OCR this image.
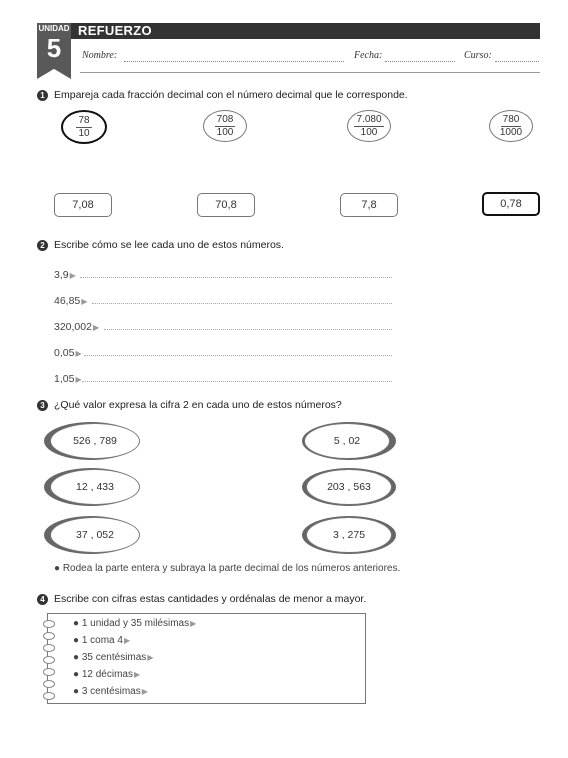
UNIDAD
5
REFUERZO
Nombre:	Fecha:	Curso:
1 Empareja cada fracción decimal con el número decimal que le corresponde.
$\frac{78}{10}$	$\frac{708}{100}$	$\frac{7.080}{100}$	$\frac{780}{1000}$
7,08	70,8	7,8	0,78
2 Escribe cómo se lee cada uno de estos números.
3,9▶
46,85▶
320,002▶
0,05▶
1,05▶
3 ¿Qué valor expresa la cifra 2 en cada uno de estos números?
526 , 789	5 , 02
12 , 433	203 , 563
37 , 052	3 , 275
● Rodea la parte entera y subraya la parte decimal de los números anteriores.
4 Escribe con cifras estas cantidades y ordénalas de menor a mayor.
● 1 unidad y 35 milésimas▶
● 1 coma 4▶
● 35 centésimas▶
● 12 décimas▶
● 3 centésimas▶
